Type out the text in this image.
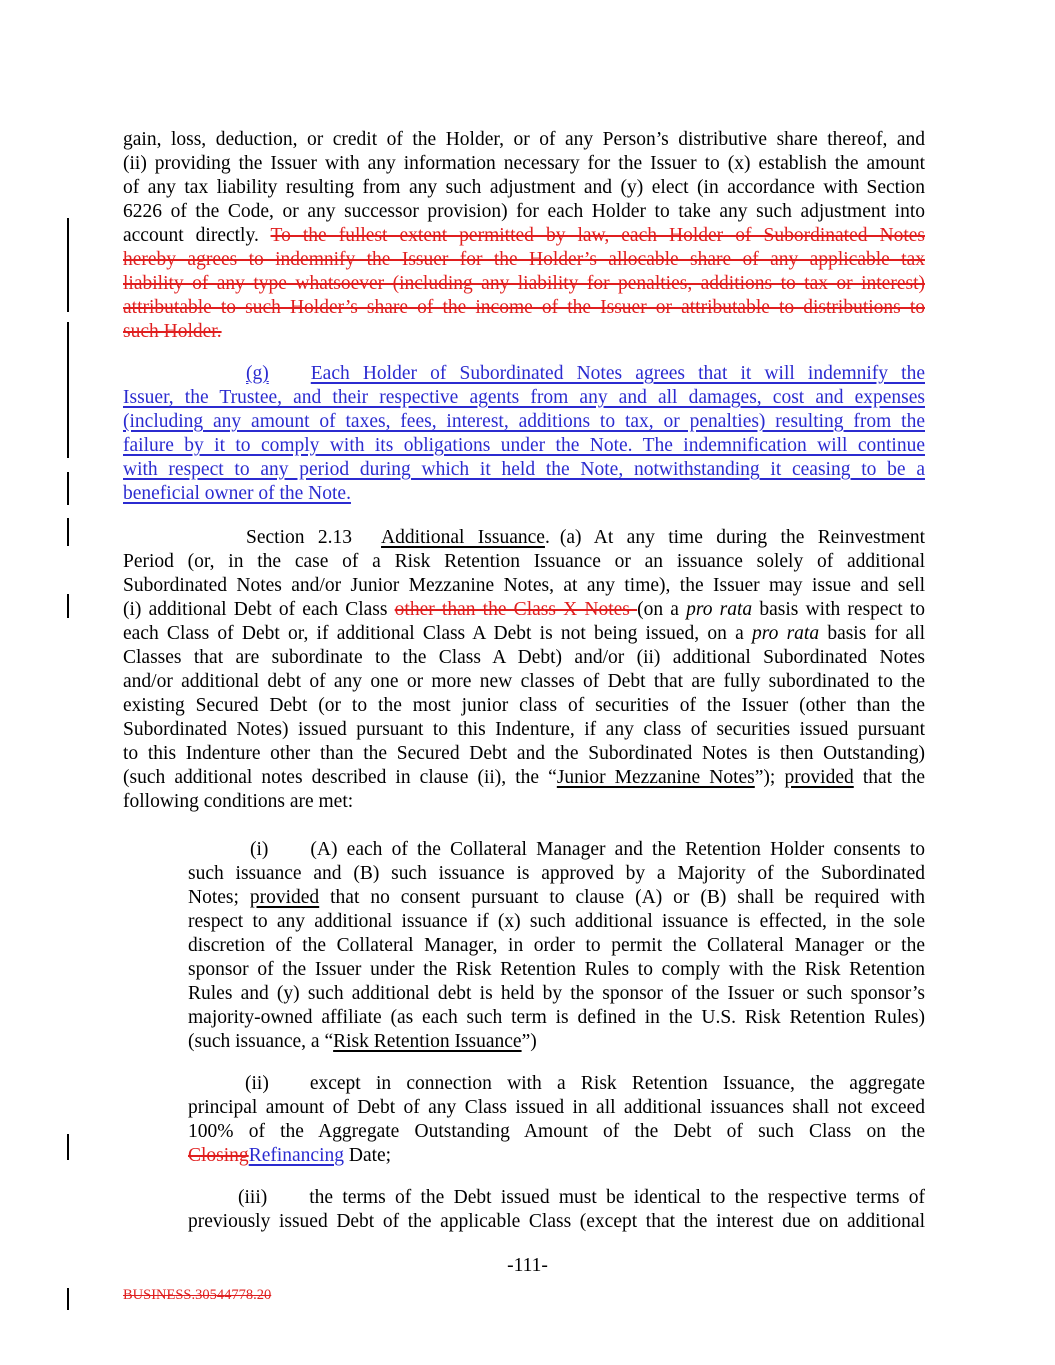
gain, loss, deduction, or credit of the Holder, or of any Person’s distributive share thereof, and
(ii) providing the Issuer with any information necessary for the Issuer to (x) establish the amount
of any tax liability resulting from any such adjustment and (y) elect (in accordance with Section
6226 of the Code, or any successor provision) for each Holder to take any such adjustment into
account directly. To the fullest extent permitted by law, each Holder of Subordinated Notes
hereby agrees to indemnify the Issuer for the Holder’s allocable share of any applicable tax
liability of any type whatsoever (including any liability for penalties, additions to tax or interest)
attributable to such Holder’s share of the income of the Issuer or attributable to distributions to
such Holder.
(g) Each Holder of Subordinated Notes agrees that it will indemnify the
Issuer, the Trustee, and their respective agents from any and all damages, cost and expenses
(including any amount of taxes, fees, interest, additions to tax, or penalties) resulting from the
failure by it to comply with its obligations under the Note. The indemnification will continue
with respect to any period during which it held the Note, notwithstanding it ceasing to be a
beneficial owner of the Note.
Section 2.13 Additional Issuance. (a) At any time during the Reinvestment
Period (or, in the case of a Risk Retention Issuance or an issuance solely of additional
Subordinated Notes and/or Junior Mezzanine Notes, at any time), the Issuer may issue and sell
(i) additional Debt of each Class other than the Class X Notes (on a pro rata basis with respect to
each Class of Debt or, if additional Class A Debt is not being issued, on a pro rata basis for all
Classes that are subordinate to the Class A Debt) and/or (ii) additional Subordinated Notes
and/or additional debt of any one or more new classes of Debt that are fully subordinated to the
existing Secured Debt (or to the most junior class of securities of the Issuer (other than the
Subordinated Notes) issued pursuant to this Indenture, if any class of securities issued pursuant
to this Indenture other than the Secured Debt and the Subordinated Notes is then Outstanding)
(such additional notes described in clause (ii), the “Junior Mezzanine Notes”); provided that the
following conditions are met:
(i) (A) each of the Collateral Manager and the Retention Holder consents to
such issuance and (B) such issuance is approved by a Majority of the Subordinated
Notes; provided that no consent pursuant to clause (A) or (B) shall be required with
respect to any additional issuance if (x) such additional issuance is effected, in the sole
discretion of the Collateral Manager, in order to permit the Collateral Manager or the
sponsor of the Issuer under the Risk Retention Rules to comply with the Risk Retention
Rules and (y) such additional debt is held by the sponsor of the Issuer or such sponsor’s
majority-owned affiliate (as each such term is defined in the U.S. Risk Retention Rules)
(such issuance, a “Risk Retention Issuance”)
(ii) except in connection with a Risk Retention Issuance, the aggregate
principal amount of Debt of any Class issued in all additional issuances shall not exceed
100% of the Aggregate Outstanding Amount of the Debt of such Class on the
ClosingRefinancing Date;
(iii) the terms of the Debt issued must be identical to the respective terms of
previously issued Debt of the applicable Class (except that the interest due on additional
-111-
BUSINESS.30544778.20
